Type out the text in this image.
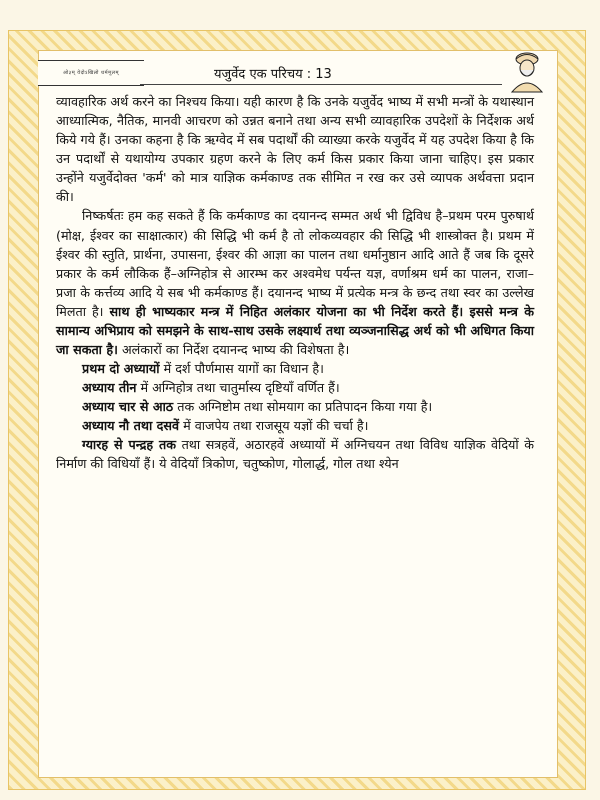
ओ३म् वेदोऽखिलो धर्ममूलम्	यजुर्वेद एक परिचय : 13

व्यावहारिक अर्थ करने का निश्चय किया। यही कारण है कि उनके यजुर्वेद भाष्य में सभी मन्त्रों के यथास्थान आध्यात्मिक, नैतिक, मानवी आचरण को उन्नत बनाने तथा अन्य सभी व्यावहारिक उपदेशों के निर्देशक अर्थ किये गये हैं। उनका कहना है कि ऋग्वेद में सब पदार्थों की व्याख्या करके यजुर्वेद में यह उपदेश किया है कि उन पदार्थों से यथायोग्य उपकार ग्रहण करने के लिए कर्म किस प्रकार किया जाना चाहिए। इस प्रकार उन्होंने यजुर्वेदोक्त 'कर्म' को मात्र याज्ञिक कर्मकाण्ड तक सीमित न रख कर उसे व्यापक अर्थवत्ता प्रदान की।

निष्कर्षतः हम कह सकते हैं कि कर्मकाण्ड का दयानन्द सम्मत अर्थ भी द्विविध है–प्रथम परम पुरुषार्थ (मोक्ष, ईश्वर का साक्षात्कार) की सिद्धि भी कर्म है तो लोकव्यवहार की सिद्धि भी शास्त्रोक्त है। प्रथम में ईश्वर की स्तुति, प्रार्थना, उपासना, ईश्वर की आज्ञा का पालन तथा धर्मानुष्ठान आदि आते हैं जब कि दूसरे प्रकार के कर्म लौकिक हैं–अग्निहोत्र से आरम्भ कर अश्वमेध पर्यन्त यज्ञ, वर्णाश्रम धर्म का पालन, राजा–प्रजा के कर्त्तव्य आदि ये सब भी कर्मकाण्ड हैं। दयानन्द भाष्य में प्रत्येक मन्त्र के छन्द तथा स्वर का उल्लेख मिलता है। साथ ही भाष्यकार मन्त्र में निहित अलंकार योजना का भी निर्देश करते हैं। इससे मन्त्र के सामान्य अभिप्राय को समझने के साथ-साथ उसके लक्ष्यार्थ तथा व्यञ्जनासिद्ध अर्थ को भी अधिगत किया जा सकता है। अलंकारों का निर्देश दयानन्द भाष्य की विशेषता है।

प्रथम दो अध्यायों में दर्श पौर्णमास यागों का विधान है।

अध्याय तीन में अग्निहोत्र तथा चातुर्मास्य दृष्टियाँ वर्णित हैं।

अध्याय चार से आठ तक अग्निष्टोम तथा सोमयाग का प्रतिपादन किया गया है।

अध्याय नौ तथा दसवें में वाजपेय तथा राजसूय यज्ञों की चर्चा है।

ग्यारह से पन्द्रह तक तथा सत्रहवें, अठारहवें अध्यायों में अग्निचयन तथा विविध याज्ञिक वेदियों के निर्माण की विधियाँ हैं। ये वेदियाँ त्रिकोण, चतुष्कोण, गोलार्द्ध, गोल तथा श्येन
